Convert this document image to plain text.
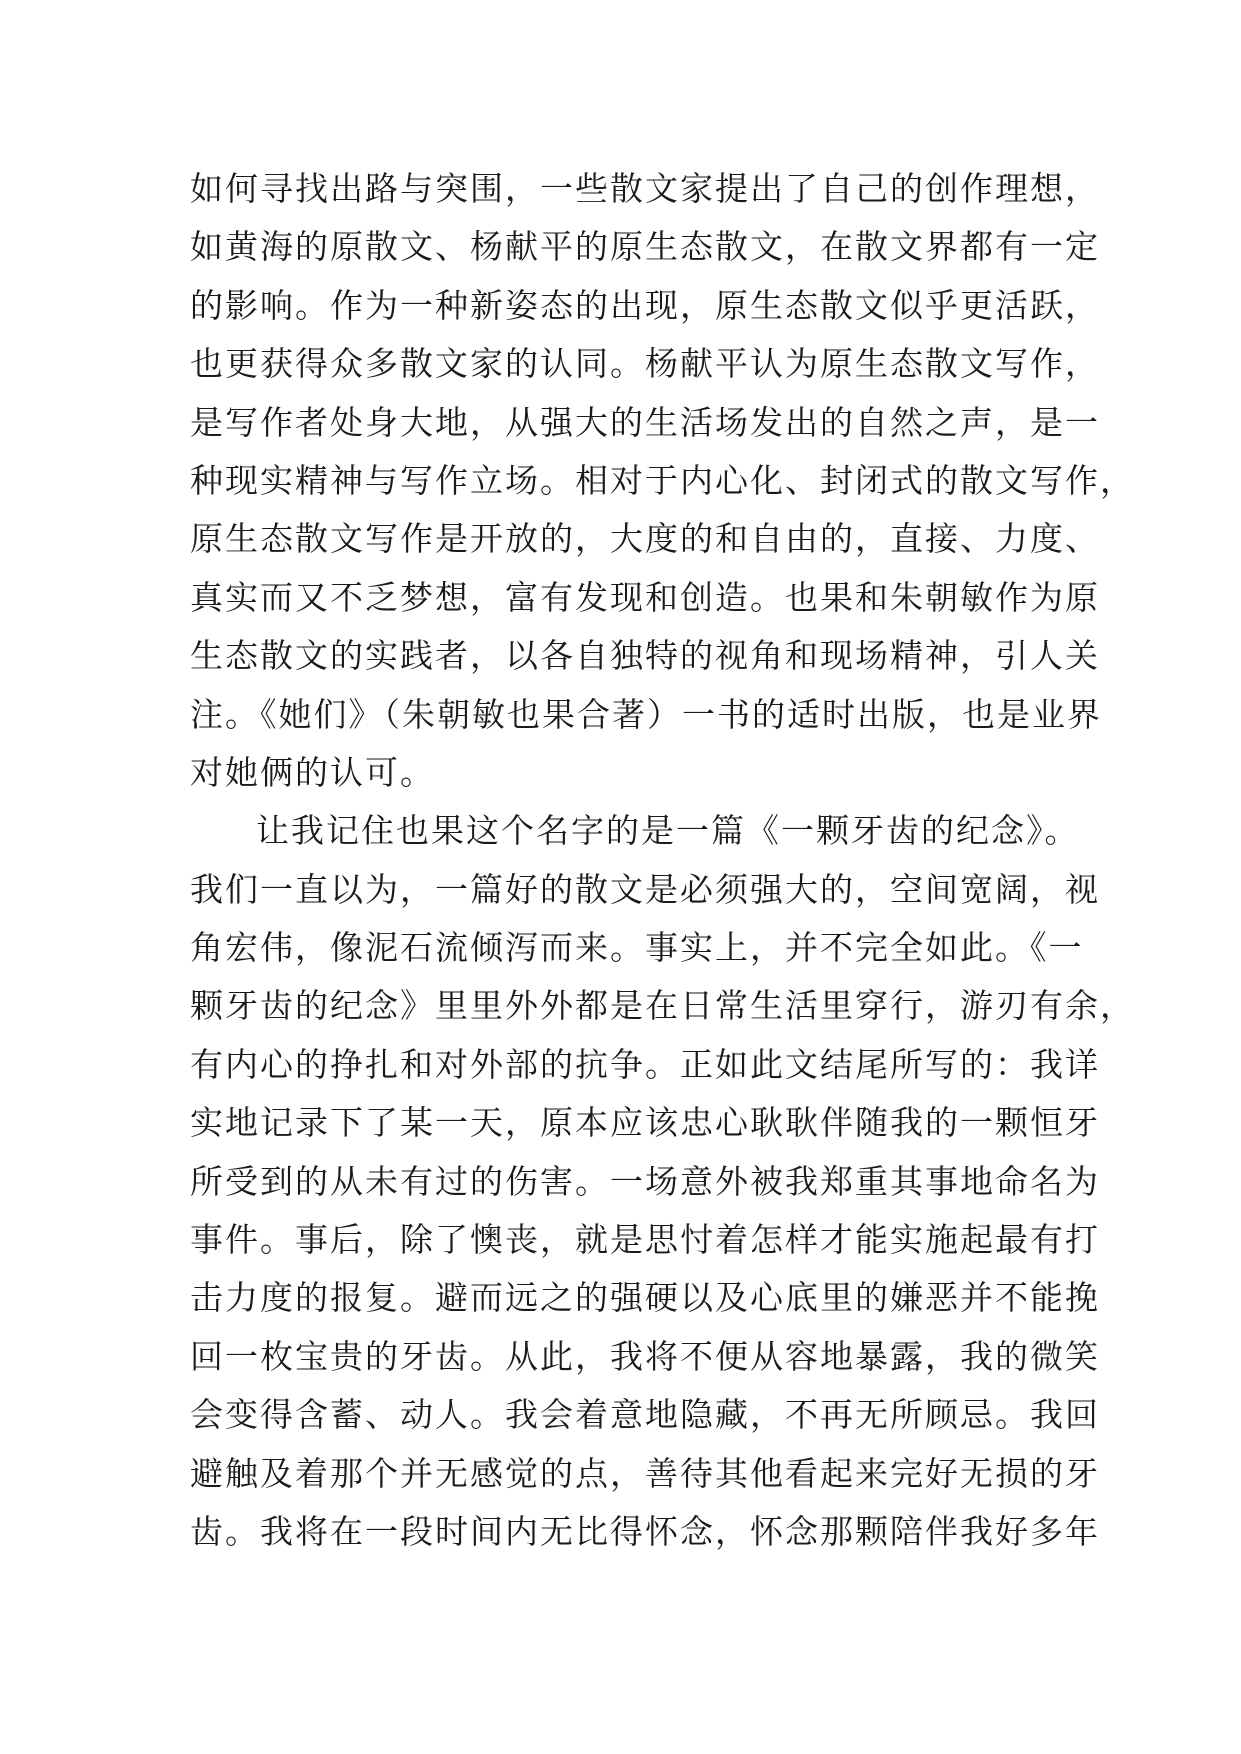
如何寻找出路与突围，一些散文家提出了自己的创作理想，
如黄海的原散文、杨献平的原生态散文，在散文界都有一定
的影响。作为一种新姿态的出现，原生态散文似乎更活跃，
也更获得众多散文家的认同。杨献平认为原生态散文写作，
是写作者处身大地，从强大的生活场发出的自然之声，是一
种现实精神与写作立场。相对于内心化、封闭式的散文写作，
原生态散文写作是开放的，大度的和自由的，直接、力度、
真实而又不乏梦想，富有发现和创造。也果和朱朝敏作为原
生态散文的实践者，以各自独特的视角和现场精神，引人关
注。《她们》（朱朝敏也果合著）一书的适时出版，也是业界
对她俩的认可。
让我记住也果这个名字的是一篇《一颗牙齿的纪念》。
我们一直以为，一篇好的散文是必须强大的，空间宽阔，视
角宏伟，像泥石流倾泻而来。事实上，并不完全如此。《一
颗牙齿的纪念》里里外外都是在日常生活里穿行，游刃有余，
有内心的挣扎和对外部的抗争。正如此文结尾所写的：我详
实地记录下了某一天，原本应该忠心耿耿伴随我的一颗恒牙
所受到的从未有过的伤害。一场意外被我郑重其事地命名为
事件。事后，除了懊丧，就是思忖着怎样才能实施起最有打
击力度的报复。避而远之的强硬以及心底里的嫌恶并不能挽
回一枚宝贵的牙齿。从此，我将不便从容地暴露，我的微笑
会变得含蓄、动人。我会着意地隐藏，不再无所顾忌。我回
避触及着那个并无感觉的点，善待其他看起来完好无损的牙
齿。我将在一段时间内无比得怀念，怀念那颗陪伴我好多年
